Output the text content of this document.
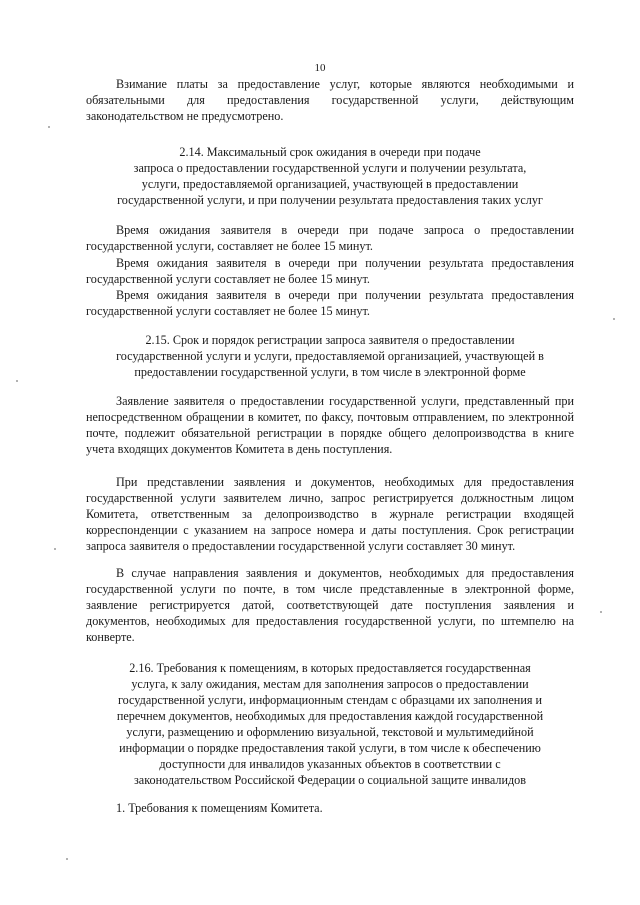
10
Взимание платы за предоставление услуг, которые являются необходимыми и обязательными для предоставления государственной услуги, действующим законодательством не предусмотрено.
2.14. Максимальный срок ожидания в очереди при подаче
запроса о предоставлении государственной услуги и получении результата,
услуги, предоставляемой организацией, участвующей в предоставлении
государственной услуги, и при получении результата предоставления таких услуг
Время ожидания заявителя в очереди при подаче запроса о предоставлении государственной услуги, составляет не более 15 минут.
Время ожидания заявителя в очереди при получении результата предоставления государственной услуги составляет не более 15 минут.
Время ожидания заявителя в очереди при получении результата предоставления государственной услуги составляет не более 15 минут.
2.15. Срок и порядок регистрации запроса заявителя о предоставлении
государственной услуги и услуги, предоставляемой организацией, участвующей в
предоставлении государственной услуги, в том числе в электронной форме
Заявление заявителя о предоставлении государственной услуги, представленный при непосредственном обращении в комитет, по факсу, почтовым отправлением, по электронной почте, подлежит обязательной регистрации в порядке общего делопроизводства в книге учета входящих документов Комитета в день поступления.
При представлении заявления и документов, необходимых для предоставления государственной услуги заявителем лично, запрос регистрируется должностным лицом Комитета, ответственным за делопроизводство в журнале регистрации входящей корреспонденции с указанием на запросе номера и даты поступления. Срок регистрации запроса заявителя о предоставлении государственной услуги составляет 30 минут.
В случае направления заявления и документов, необходимых для предоставления государственной услуги по почте, в том числе представленные в электронной форме, заявление регистрируется датой, соответствующей дате поступления заявления и документов, необходимых для предоставления государственной услуги, по штемпелю на конверте.
2.16. Требования к помещениям, в которых предоставляется государственная
услуга, к залу ожидания, местам для заполнения запросов о предоставлении
государственной услуги, информационным стендам с образцами их заполнения и
перечнем документов, необходимых для предоставления каждой государственной
услуги, размещению и оформлению визуальной, текстовой и мультимедийной
информации о порядке предоставления такой услуги, в том числе к обеспечению
доступности для инвалидов указанных объектов в соответствии с
законодательством Российской Федерации о социальной защите инвалидов
1. Требования к помещениям Комитета.
